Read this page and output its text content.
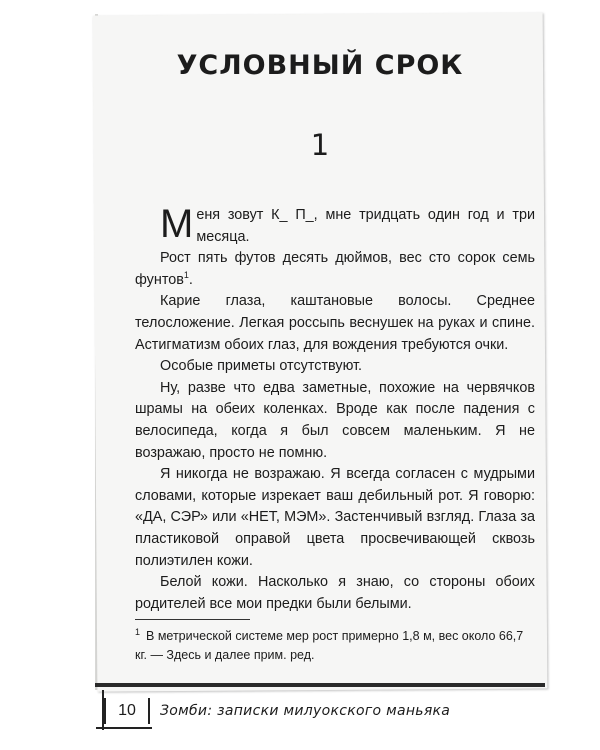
УСЛОВНЫЙ СРОК
1

Меня зовут К_ П_, мне тридцать один год и три месяца.

Рост пять футов десять дюймов, вес сто сорок семь фунтов$^1$.

Карие глаза, каштановые волосы. Среднее телосложение. Легкая россыпь веснушек на руках и спине. Астигматизм обоих глаз, для вождения требуются очки.

Особые приметы отсутствуют.

Ну, разве что едва заметные, похожие на червячков шрамы на обеих коленках. Вроде как после падения с велосипеда, когда я был совсем маленьким. Я не возражаю, просто не помню.

Я никогда не возражаю. Я всегда согласен с мудрыми словами, которые изрекает ваш дебильный рот. Я говорю: «ДА, СЭР» или «НЕТ, МЭМ». Застенчивый взгляд. Глаза за пластиковой оправой цвета просвечивающей сквозь полиэтилен кожи.

Белой кожи. Насколько я знаю, со стороны обоих родителей все мои предки были белыми.

$^1$ В метрической системе мер рост примерно 1,8 м, вес около 66,7 кг. — Здесь и далее прим. ред.
10	Зомби: записки милуокского маньяка
